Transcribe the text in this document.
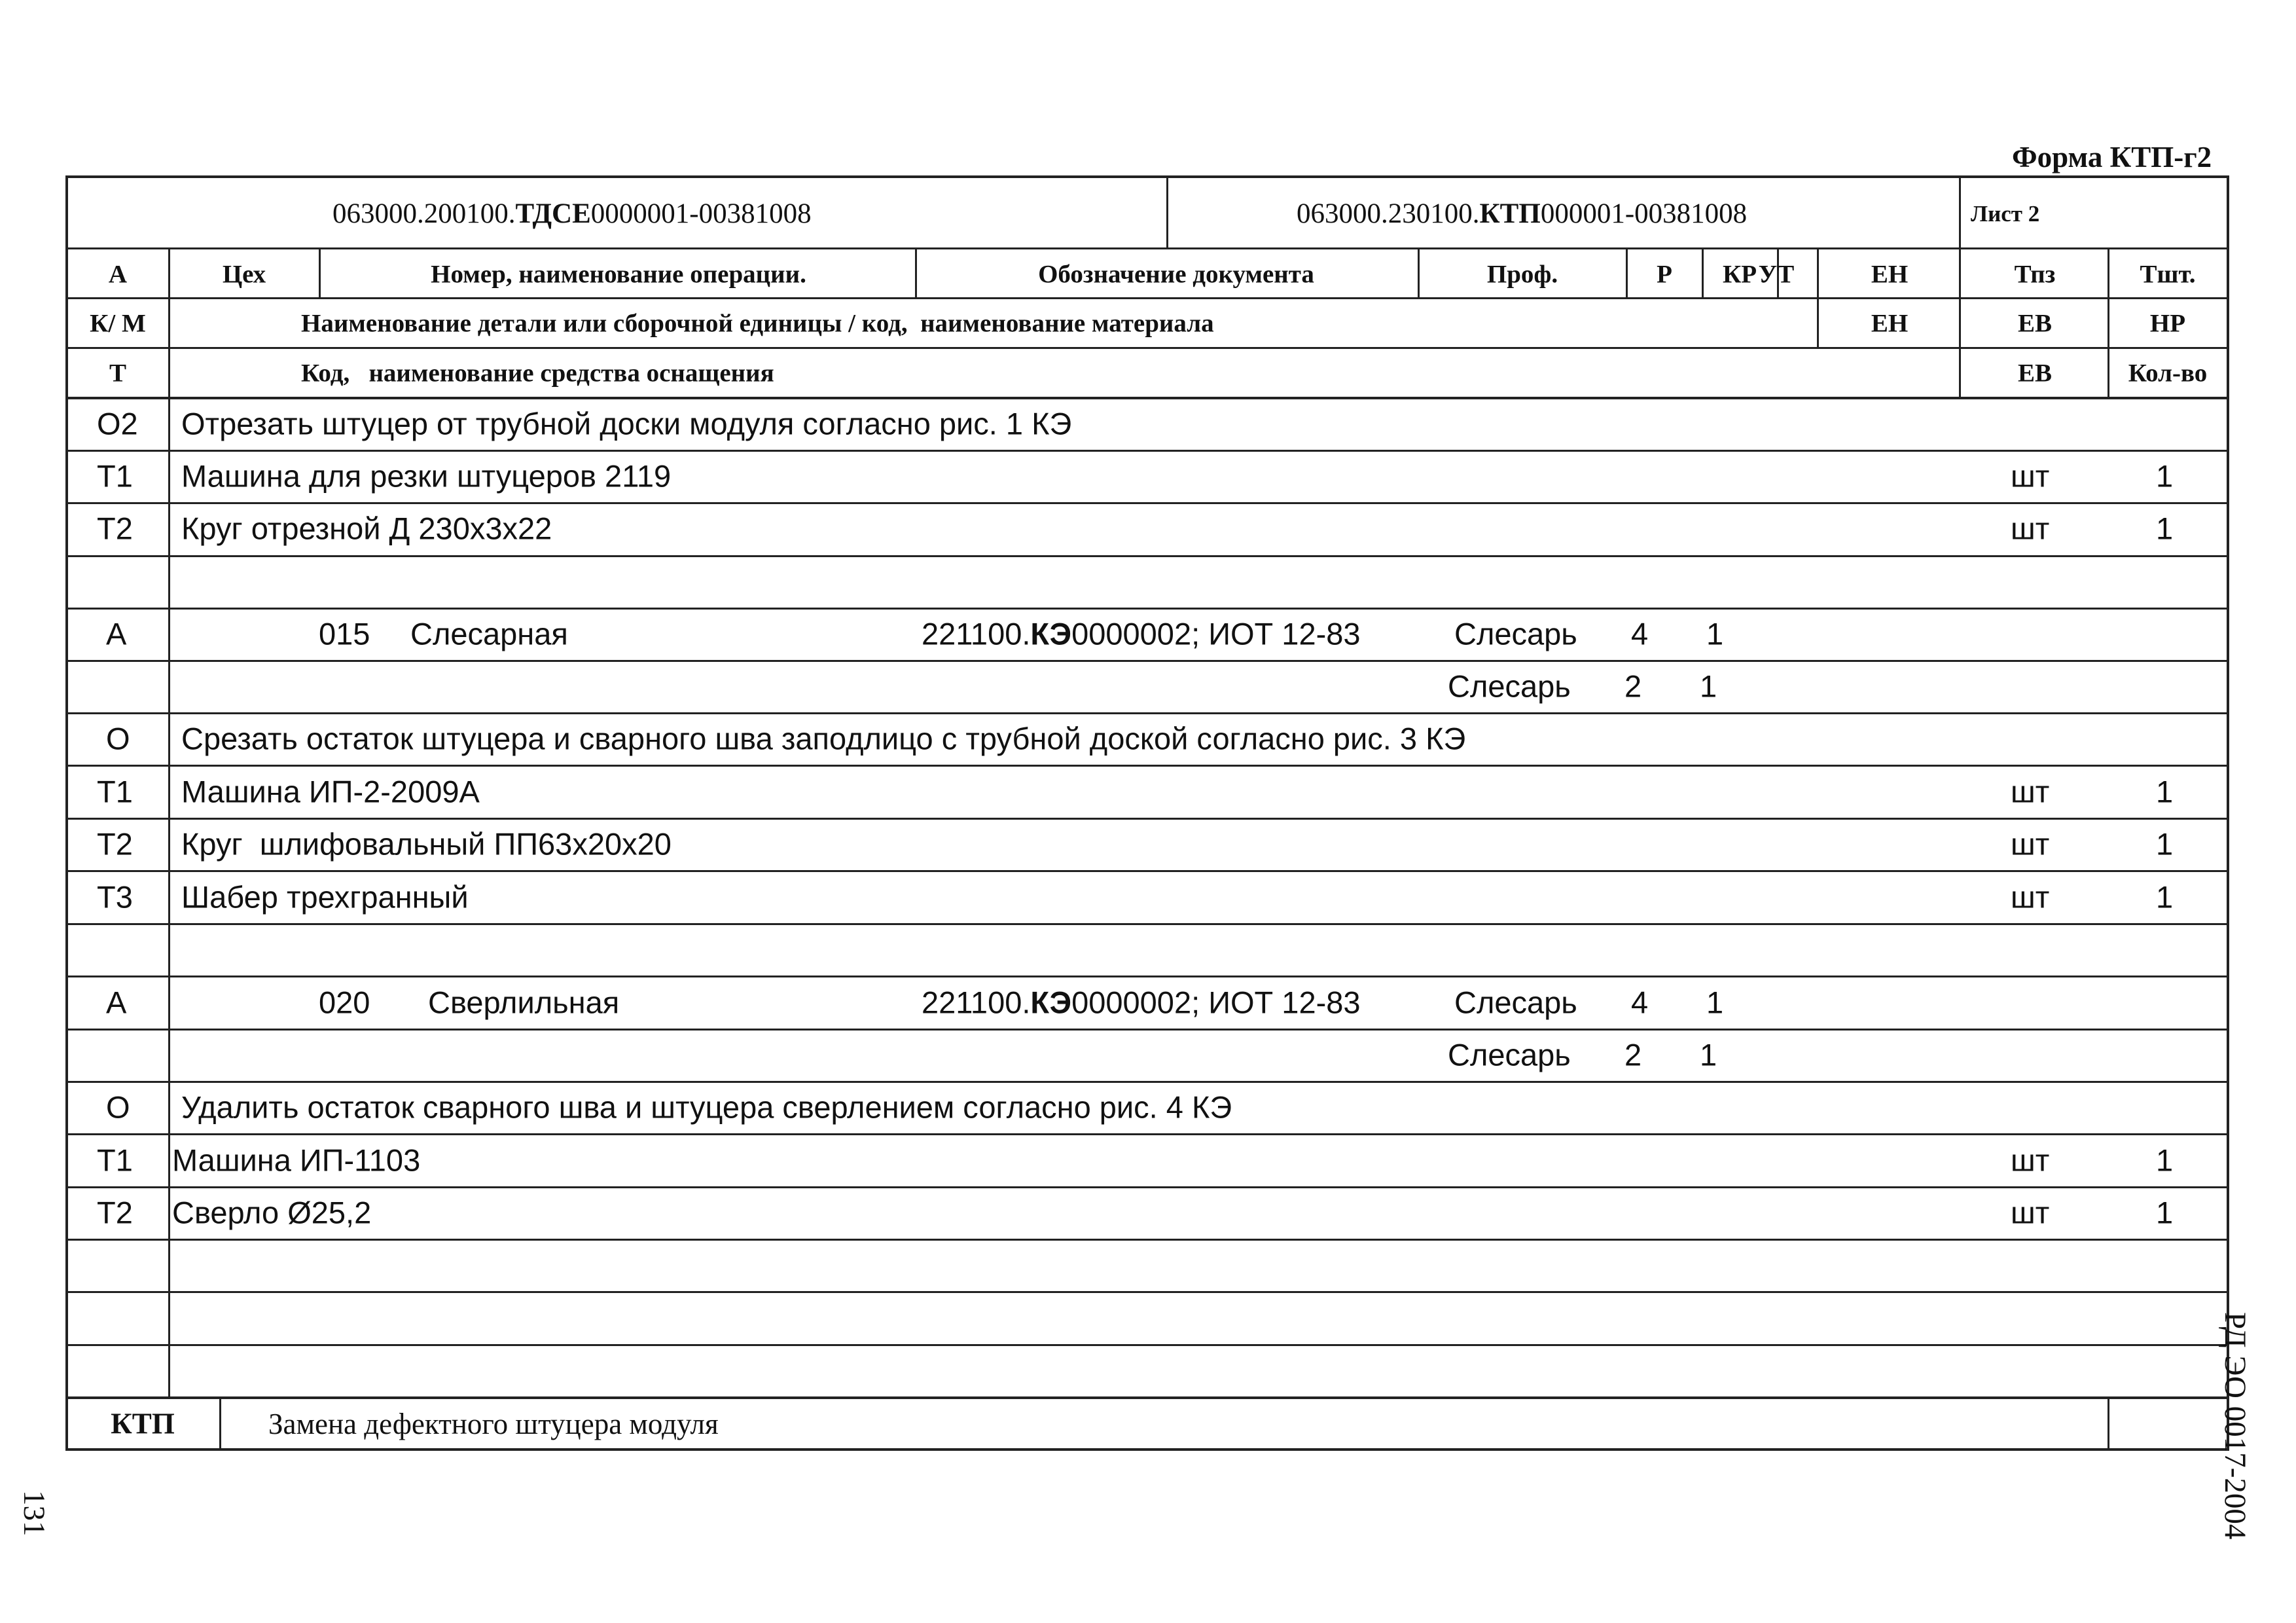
Форма КТП-г2
063000.200100.ТДСЕ0000001-00381008	063000.230100.КТП000001-00381008	Лист 2
А	Цех	Номер, наименование операции.	Обозначение документа	Проф.	Р КР УТ	ЕН	Тпз	Тшт.
К/ М	Наименование детали или сборочной единицы / код,  наименование материала	ЕН	ЕВ	НР
Т	Код,   наименование средства оснащения	ЕВ	Кол-во
О2 Отрезать штуцер от трубной доски модуля согласно рис. 1 КЭ
Т1 Машина для резки штуцеров 2119	шт	1
Т2 Круг отрезной Д 230х3х22	шт	1
А	015 Слесарная	221100.КЭ0000002; ИОТ 12-83	Слесарь 4 1
Слесарь 2 1
О Срезать остаток штуцера и сварного шва заподлицо с трубной доской согласно рис. 3 КЭ
Т1 Машина ИП-2-2009А	шт	1
Т2 Круг  шлифовальный ПП63х20х20	шт	1
Т3 Шабер трехгранный	шт	1
А	020 Сверлильная	221100.КЭ0000002; ИОТ 12-83	Слесарь 4 1
Слесарь 2 1
О Удалить остаток сварного шва и штуцера сверлением согласно рис. 4 КЭ
Т1 Машина ИП-1103	шт	1
Т2 Сверло Ø25,2	шт	1
КТП	Замена дефектного штуцера модуля	РД ЭО 0017-2004
131
